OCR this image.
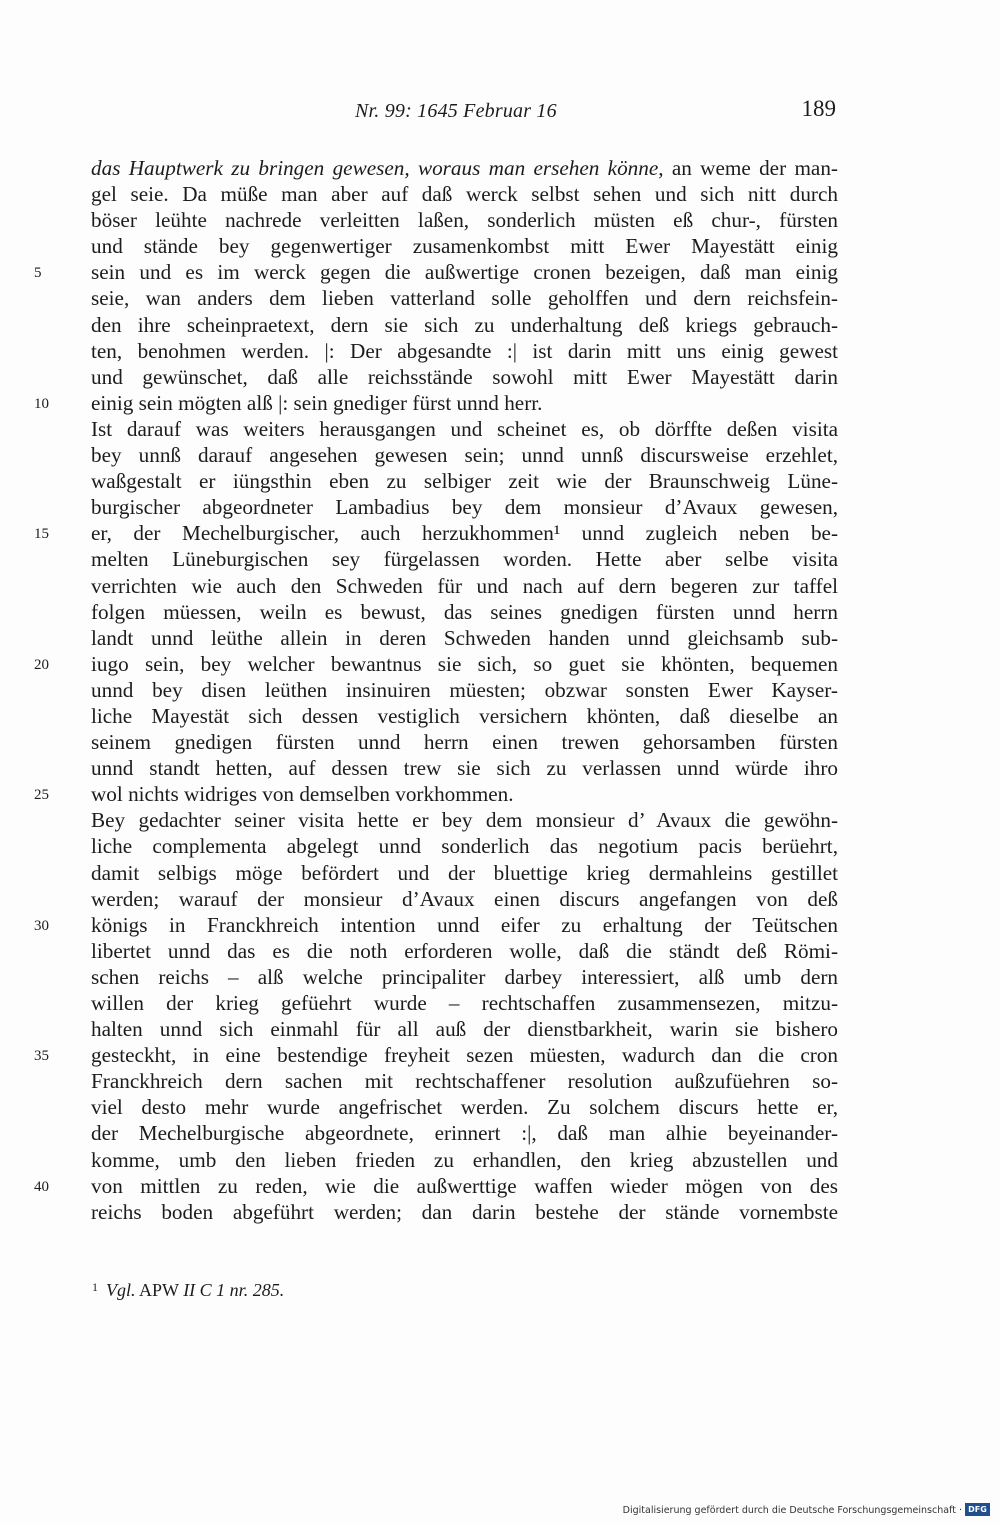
Nr. 99: 1645 Februar 16	189
das Hauptwerk zu bringen gewesen, woraus man ersehen könne, an weme der man-
gel seie. Da müße man aber auf daß werck selbst sehen und sich nitt durch
böser leühte nachrede verleitten laßen, sonderlich müsten eß chur-, fürsten
und stände bey gegenwertiger zusamenkombst mitt Ewer Mayestätt einig
5	sein und es im werck gegen die außwertige cronen bezeigen, daß man einig
seie, wan anders dem lieben vatterland solle geholffen und dern reichsfein-
den ihre scheinpraetext, dern sie sich zu underhaltung deß kriegs gebrauch-
ten, benohmen werden. |: Der abgesandte :| ist darin mitt uns einig gewest
und gewünschet, daß alle reichsstände sowohl mitt Ewer Mayestätt darin
10	einig sein mögten alß |: sein gnediger fürst unnd herr.
Ist darauf was weiters herausgangen und scheinet es, ob dörffte deßen visita
bey unnß darauf angesehen gewesen sein; unnd unnß discursweise erzehlet,
waßgestalt er iüngsthin eben zu selbiger zeit wie der Braunschweig Lüne-
burgischer abgeordneter Lambadius bey dem monsieur d’Avaux gewesen,
15	er, der Mechelburgischer, auch herzukhommen¹ unnd zugleich neben be-
melten Lüneburgischen sey fürgelassen worden. Hette aber selbe visita
verrichten wie auch den Schweden für und nach auf dern begeren zur taffel
folgen müessen, weiln es bewust, das seines gnedigen fürsten unnd herrn
landt unnd leüthe allein in deren Schweden handen unnd gleichsamb sub-
20	iugo sein, bey welcher bewantnus sie sich, so guet sie khönten, bequemen
unnd bey disen leüthen insinuiren müesten; obzwar sonsten Ewer Kayser-
liche Mayestät sich dessen vestiglich versichern khönten, daß dieselbe an
seinem gnedigen fürsten unnd herrn einen trewen gehorsamben fürsten
unnd standt hetten, auf dessen trew sie sich zu verlassen unnd würde ihro
25	wol nichts widriges von demselben vorkhommen.
Bey gedachter seiner visita hette er bey dem monsieur d’ Avaux die gewöhn-
liche complementa abgelegt unnd sonderlich das negotium pacis berüehrt,
damit selbigs möge befördert und der bluettige krieg dermahleins gestillet
werden; warauf der monsieur d’Avaux einen discurs angefangen von deß
30	königs in Franckhreich intention unnd eifer zu erhaltung der Teütschen
libertet unnd das es die noth erforderen wolle, daß die ständt deß Römi-
schen reichs – alß welche principaliter darbey interessiert, alß umb dern
willen der krieg gefüehrt wurde – rechtschaffen zusammensezen, mitzu-
halten unnd sich einmahl für all auß der dienstbarkheit, warin sie bishero
35	gesteckht, in eine bestendige freyheit sezen müesten, wadurch dan die cron
Franckhreich dern sachen mit rechtschaffener resolution außzufüehren so-
viel desto mehr wurde angefrischet werden. Zu solchem discurs hette er,
der Mechelburgische abgeordnete, erinnert :|, daß man alhie beyeinander-
komme, umb den lieben frieden zu erhandlen, den krieg abzustellen und
40	von mittlen zu reden, wie die außwerttige waffen wieder mögen von des
reichs boden abgeführt werden; dan darin bestehe der stände vornembste
$^1$ Vgl. APW II C 1 nr. 285.
Digitalisierung gefördert durch die Deutsche Forschungsgemeinschaft · DFG
